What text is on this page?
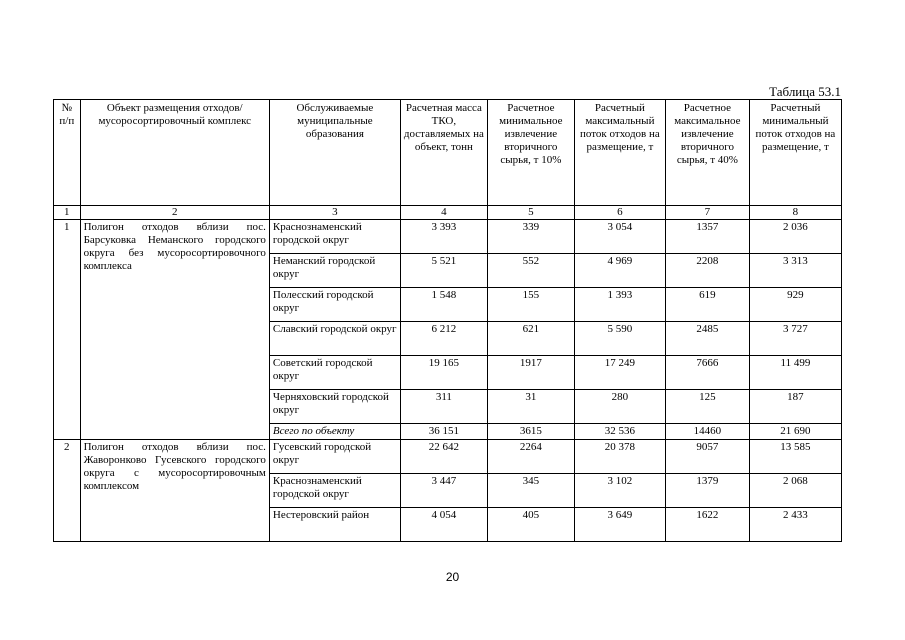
Таблица 53.1
№ п/п	Объект размещения отходов/ мусоросортировочный комплекс	Обслуживаемые муниципальные образования	Расчетная масса ТКО, доставляемых на объект, тонн	Расчетное минимальное извлечение вторичного сырья, т 10%	Расчетный максимальный поток отходов на размещение, т	Расчетное максимальное извлечение вторичного сырья, т 40%	Расчетный минимальный поток отходов на размещение, т
1	2	3	4	5	6	7	8
1	Полигон отходов вблизи пос. Барсуковка Неманского городского округа без мусоросортировочного комплекса	Краснознаменский городской округ	3 393	339	3 054	1357	2 036
		Неманский городской округ	5 521	552	4 969	2208	3 313
		Полесский городской округ	1 548	155	1 393	619	929
		Славский городской округ	6 212	621	5 590	2485	3 727
		Советский городской округ	19 165	1917	17 249	7666	11 499
		Черняховский городской округ	311	31	280	125	187
		Всего по объекту	36 151	3615	32 536	14460	21 690
2	Полигон отходов вблизи пос. Жаворонково Гусевского городского округа с мусоросортировочным комплексом	Гусевский городской округ	22 642	2264	20 378	9057	13 585
		Краснознаменский городской округ	3 447	345	3 102	1379	2 068
		Нестеровский район	4 054	405	3 649	1622	2 433
20
